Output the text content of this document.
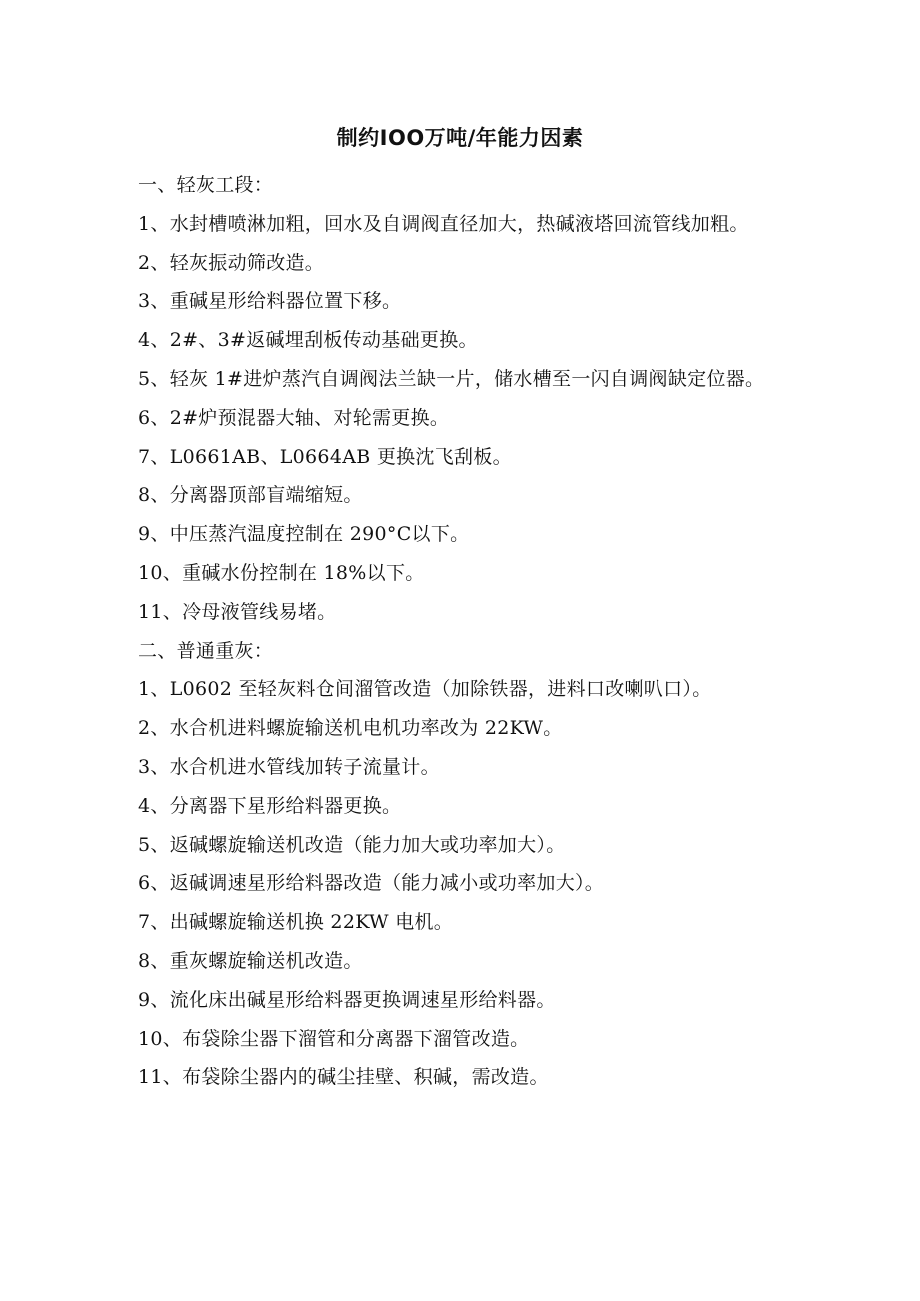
制约IOO万吨/年能力因素
一、轻灰工段：
1、水封槽喷淋加粗，回水及自调阀直径加大，热碱液塔回流管线加粗。
2、轻灰振动筛改造。
3、重碱星形给料器位置下移。
4、2#、3#返碱埋刮板传动基础更换。
5、轻灰 1#进炉蒸汽自调阀法兰缺一片，储水槽至一闪自调阀缺定位器。
6、2#炉预混器大轴、对轮需更换。
7、L0661AB、L0664AB 更换沈飞刮板。
8、分离器顶部盲端缩短。
9、中压蒸汽温度控制在 290°C以下。
10、重碱水份控制在 18%以下。
11、冷母液管线易堵。
二、普通重灰：
1、L0602 至轻灰料仓间溜管改造（加除铁器，进料口改喇叭口）。
2、水合机进料螺旋输送机电机功率改为 22KW。
3、水合机进水管线加转子流量计。
4、分离器下星形给料器更换。
5、返碱螺旋输送机改造（能力加大或功率加大）。
6、返碱调速星形给料器改造（能力减小或功率加大）。
7、出碱螺旋输送机换 22KW 电机。
8、重灰螺旋输送机改造。
9、流化床出碱星形给料器更换调速星形给料器。
10、布袋除尘器下溜管和分离器下溜管改造。
11、布袋除尘器内的碱尘挂壁、积碱，需改造。
